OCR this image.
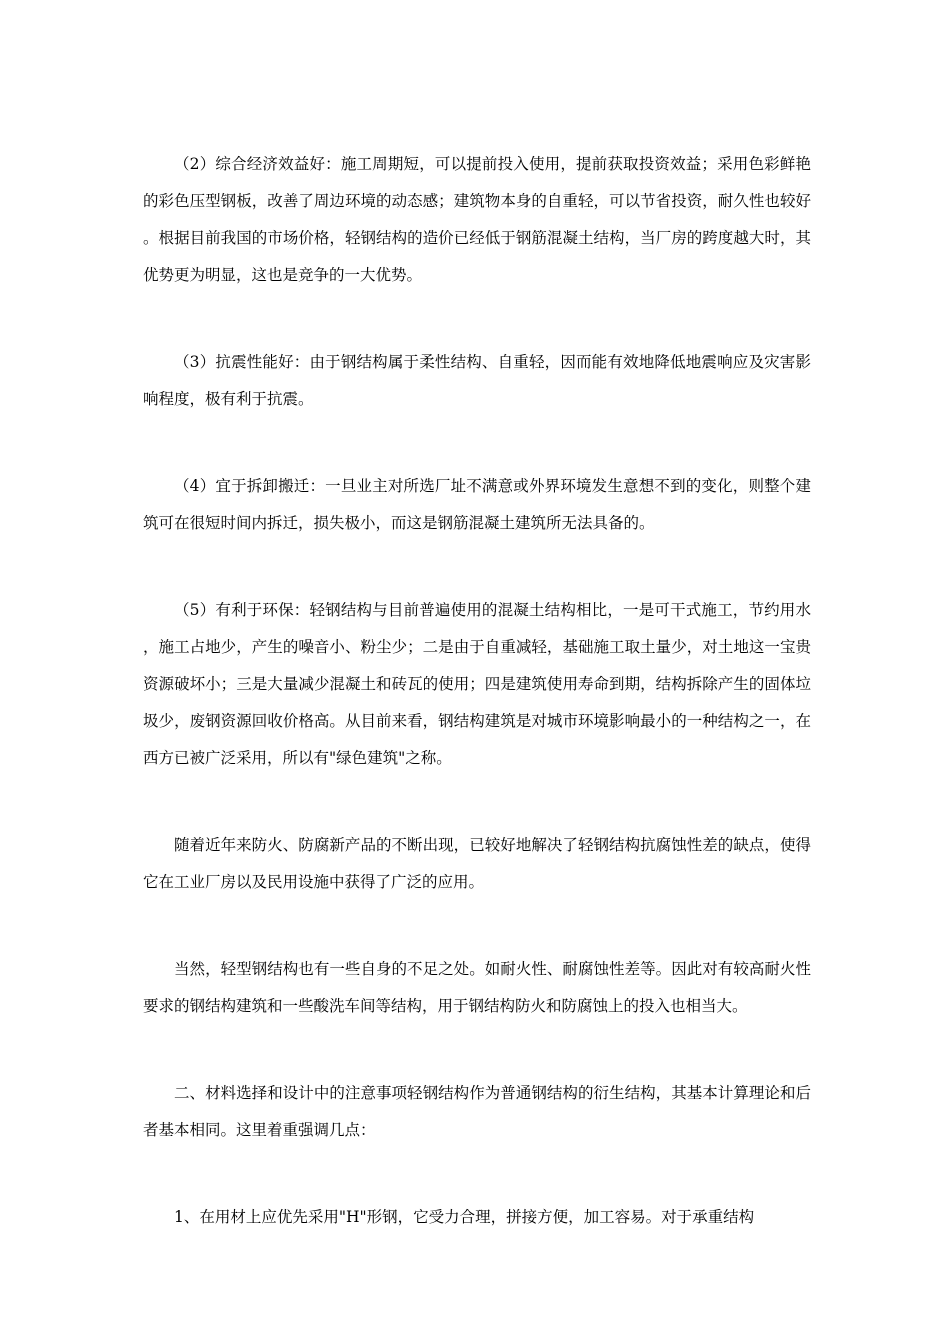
（2）综合经济效益好：施工周期短，可以提前投入使用，提前获取投资效益；采用色彩鲜艳的彩色压型钢板，改善了周边环境的动态感；建筑物本身的自重轻，可以节省投资，耐久性也较好。根据目前我国的市场价格，轻钢结构的造价已经低于钢筋混凝土结构，当厂房的跨度越大时，其优势更为明显，这也是竞争的一大优势。

（3）抗震性能好：由于钢结构属于柔性结构、自重轻，因而能有效地降低地震响应及灾害影响程度，极有利于抗震。

（4）宜于拆卸搬迁：一旦业主对所选厂址不满意或外界环境发生意想不到的变化，则整个建筑可在很短时间内拆迁，损失极小，而这是钢筋混凝土建筑所无法具备的。

（5）有利于环保：轻钢结构与目前普遍使用的混凝土结构相比，一是可干式施工，节约用水，施工占地少，产生的噪音小、粉尘少；二是由于自重减轻，基础施工取土量少，对土地这一宝贵资源破坏小；三是大量减少混凝土和砖瓦的使用；四是建筑使用寿命到期，结构拆除产生的固体垃圾少，废钢资源回收价格高。从目前来看，钢结构建筑是对城市环境影响最小的一种结构之一，在西方已被广泛采用，所以有"绿色建筑"之称。

随着近年来防火、防腐新产品的不断出现，已较好地解决了轻钢结构抗腐蚀性差的缺点，使得它在工业厂房以及民用设施中获得了广泛的应用。

当然，轻型钢结构也有一些自身的不足之处。如耐火性、耐腐蚀性差等。因此对有较高耐火性要求的钢结构建筑和一些酸洗车间等结构，用于钢结构防火和防腐蚀上的投入也相当大。

二、材料选择和设计中的注意事项轻钢结构作为普通钢结构的衍生结构，其基本计算理论和后者基本相同。这里着重强调几点：

1、在用材上应优先采用"H"形钢，它受力合理，拼接方便，加工容易。对于承重结构
